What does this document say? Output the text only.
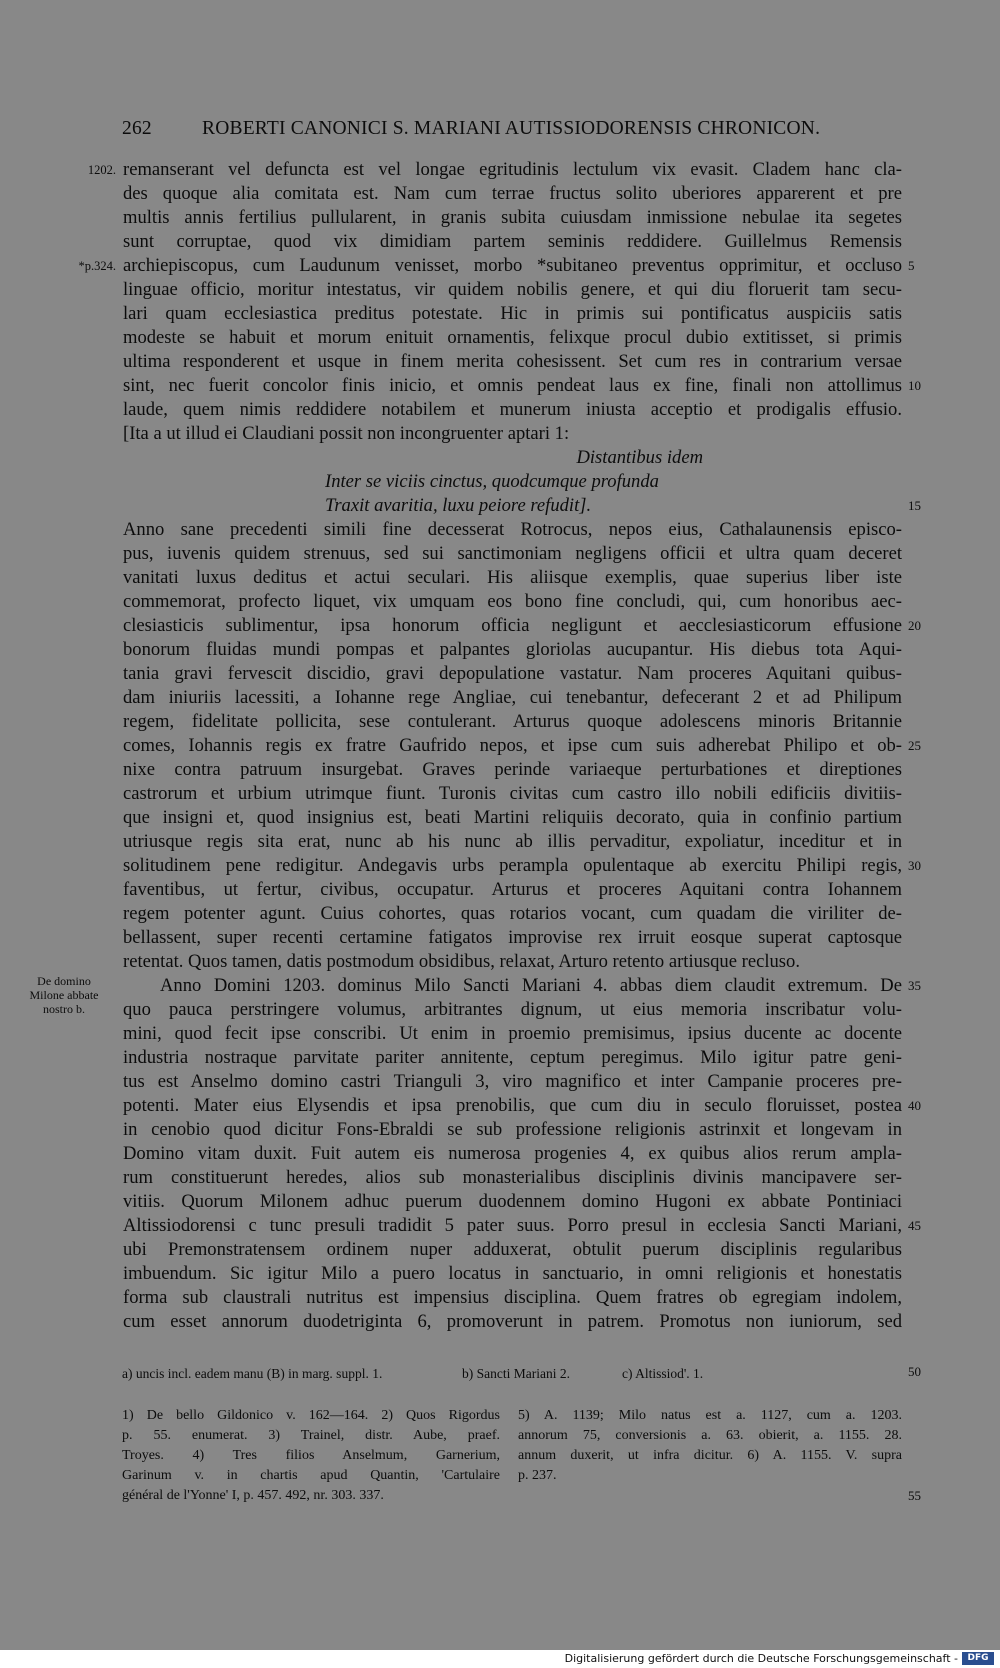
262	ROBERTI CANONICI S. MARIANI AUTISSIODORENSIS CHRONICON.
1202.
*p.324.
De domino
Milone abbate
nostro b.
remanserant vel defuncta est vel longae egritudinis lectulum vix evasit. Cladem hanc cla-
des quoque alia comitata est. Nam cum terrae fructus solito uberiores apparerent et pre
multis annis fertilius pullularent, in granis subita cuiusdam inmissione nebulae ita segetes
sunt corruptae, quod vix dimidiam partem seminis reddidere. Guillelmus Remensis
archiepiscopus, cum Laudunum venisset, morbo *subitaneo preventus opprimitur, et occluso
linguae officio, moritur intestatus, vir quidem nobilis genere, et qui diu floruerit tam secu-
lari quam ecclesiastica preditus potestate. Hic in primis sui pontificatus auspiciis satis
modeste se habuit et morum enituit ornamentis, felixque procul dubio extitisset, si primis
ultima responderent et usque in finem merita cohesissent. Set cum res in contrarium versae
sint, nec fuerit concolor finis inicio, et omnis pendeat laus ex fine, finali non attollimus
laude, quem nimis reddidere notabilem et munerum iniusta acceptio et prodigalis effusio.
[Ita a ut illud ei Claudiani possit non incongruenter aptari 1:
Distantibus idem
Inter se viciis cinctus, quodcumque profunda
Traxit avaritia, luxu peiore refudit].
Anno sane precedenti simili fine decesserat Rotrocus, nepos eius, Cathalaunensis episco-
pus, iuvenis quidem strenuus, sed sui sanctimoniam negligens officii et ultra quam deceret
vanitati luxus deditus et actui seculari. His aliisque exemplis, quae superius liber iste
commemorat, profecto liquet, vix umquam eos bono fine concludi, qui, cum honoribus aec-
clesiasticis sublimentur, ipsa honorum officia negligunt et aecclesiasticorum effusione
bonorum fluidas mundi pompas et palpantes gloriolas aucupantur. His diebus tota Aqui-
tania gravi fervescit discidio, gravi depopulatione vastatur. Nam proceres Aquitani quibus-
dam iniuriis lacessiti, a Iohanne rege Angliae, cui tenebantur, defecerant 2 et ad Philipum
regem, fidelitate pollicita, sese contulerant. Arturus quoque adolescens minoris Britannie
comes, Iohannis regis ex fratre Gaufrido nepos, et ipse cum suis adherebat Philipo et ob-
nixe contra patruum insurgebat. Graves perinde variaeque perturbationes et direptiones
castrorum et urbium utrimque fiunt. Turonis civitas cum castro illo nobili edificiis divitiis-
que insigni et, quod insignius est, beati Martini reliquiis decorato, quia in confinio partium
utriusque regis sita erat, nunc ab his nunc ab illis pervaditur, expoliatur, inceditur et in
solitudinem pene redigitur. Andegavis urbs perampla opulentaque ab exercitu Philipi regis,
faventibus, ut fertur, civibus, occupatur. Arturus et proceres Aquitani contra Iohannem
regem potenter agunt. Cuius cohortes, quas rotarios vocant, cum quadam die viriliter de-
bellassent, super recenti certamine fatigatos improvise rex irruit eosque superat captosque
retentat. Quos tamen, datis postmodum obsidibus, relaxat, Arturo retento artiusque recluso.
Anno Domini 1203. dominus Milo Sancti Mariani 4. abbas diem claudit extremum. De
quo pauca perstringere volumus, arbitrantes dignum, ut eius memoria inscribatur volu-
mini, quod fecit ipse conscribi. Ut enim in proemio premisimus, ipsius ducente ac docente
industria nostraque parvitate pariter annitente, ceptum peregimus. Milo igitur patre geni-
tus est Anselmo domino castri Trianguli 3, viro magnifico et inter Campanie proceres pre-
potenti. Mater eius Elysendis et ipsa prenobilis, que cum diu in seculo floruisset, postea
in cenobio quod dicitur Fons-Ebraldi se sub professione religionis astrinxit et longevam in
Domino vitam duxit. Fuit autem eis numerosa progenies 4, ex quibus alios rerum ampla-
rum constituerunt heredes, alios sub monasterialibus disciplinis divinis mancipavere ser-
vitiis. Quorum Milonem adhuc puerum duodennem domino Hugoni ex abbate Pontiniaci
Altissiodorensi c tunc presuli tradidit 5 pater suus. Porro presul in ecclesia Sancti Mariani,
ubi Premonstratensem ordinem nuper adduxerat, obtulit puerum disciplinis regularibus
imbuendum. Sic igitur Milo a puero locatus in sanctuario, in omni religionis et honestatis
forma sub claustrali nutritus est impensius disciplina. Quem fratres ob egregiam indolem,
cum esset annorum duodetriginta 6, promoverunt in patrem. Promotus non iuniorum, sed
5
10
15
20
25
30
35
40
45
50
55
a) uncis incl. eadem manu (B) in marg. suppl. 1.	b) Sancti Mariani 2.	c) Altissiod'. 1.
1) De bello Gildonico v. 162—164. 2) Quos Rigordus
p. 55. enumerat. 3) Trainel, distr. Aube, praef.
Troyes. 4) Tres filios Anselmum, Garnerium,
Garinum v. in chartis apud Quantin, 'Cartulaire
général de l'Yonne' I, p. 457. 492, nr. 303. 337.
5) A. 1139; Milo natus est a. 1127, cum a. 1203.
annorum 75, conversionis a. 63. obierit, a. 1155. 28.
annum duxerit, ut infra dicitur. 6) A. 1155. V. supra
p. 237.
Digitalisierung gefördert durch die Deutsche Forschungsgemeinschaft -	DFG
